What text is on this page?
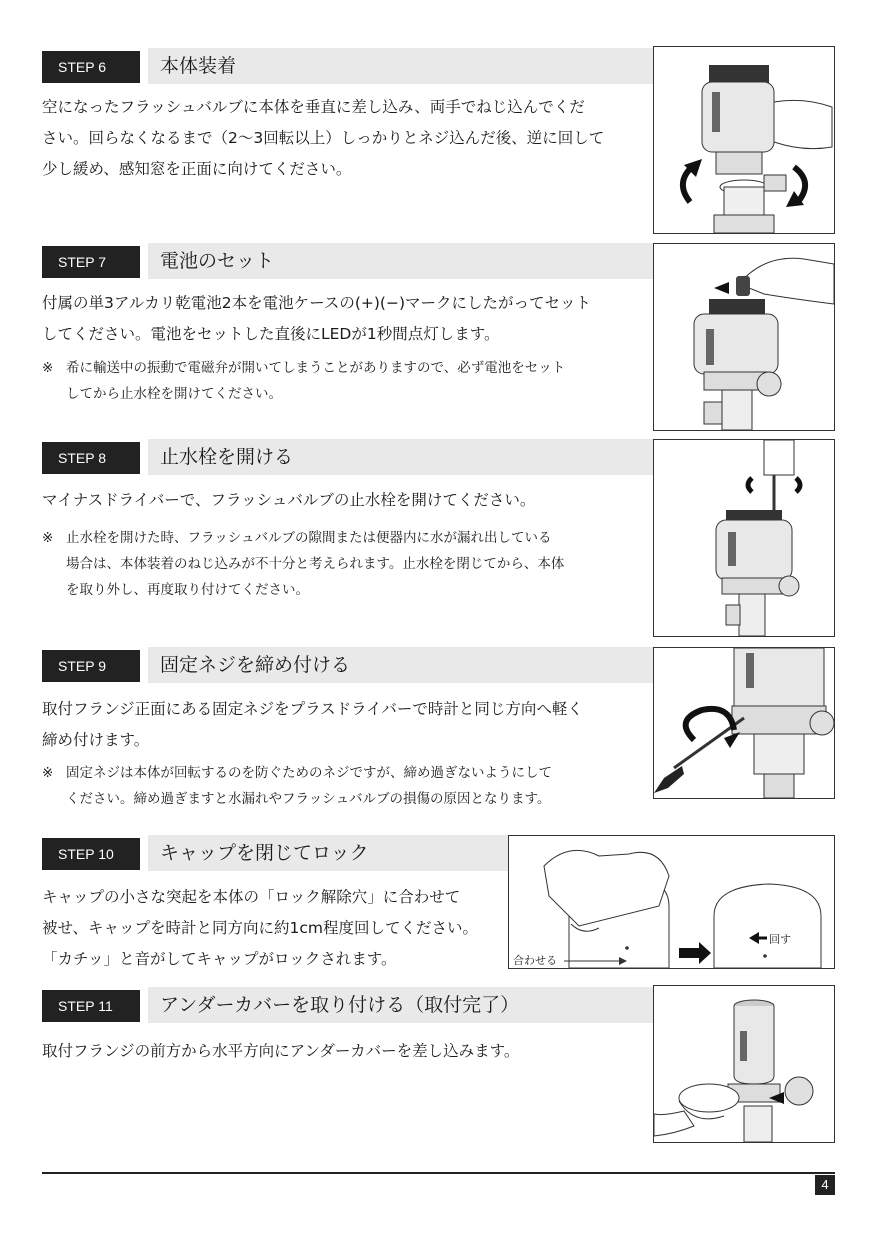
STEP 6	本体装着
空になったフラッシュバルブに本体を垂直に差し込み、両手でねじ込んでくだ
さい。回らなくなるまで（2〜3回転以上）しっかりとネジ込んだ後、逆に回して
少し緩め、感知窓を正面に向けてください。
STEP 7	電池のセット
付属の単3アルカリ乾電池2本を電池ケースの(+)(−)マークにしたがってセット
してください。電池をセットした直後にLEDが1秒間点灯します。
※ 希に輸送中の振動で電磁弁が開いてしまうことがありますので、必ず電池をセット
してから止水栓を開けてください。
STEP 8	止水栓を開ける
マイナスドライバーで、フラッシュバルブの止水栓を開けてください。
※ 止水栓を開けた時、フラッシュバルブの隙間または便器内に水が漏れ出している
場合は、本体装着のねじ込みが不十分と考えられます。止水栓を閉じてから、本体
を取り外し、再度取り付けてください。
STEP 9	固定ネジを締め付ける
取付フランジ正面にある固定ネジをプラスドライバーで時計と同じ方向へ軽く
締め付けます。
※ 固定ネジは本体が回転するのを防ぐためのネジですが、締め過ぎないようにして
ください。締め過ぎますと水漏れやフラッシュバルブの損傷の原因となります。
STEP 10	キャップを閉じてロック
キャップの小さな突起を本体の「ロック解除穴」に合わせて
被せ、キャップを時計と同方向に約1cm程度回してください。
「カチッ」と音がしてキャップがロックされます。	合わせる
回す
STEP 11	アンダーカバーを取り付ける（取付完了）
取付フランジの前方から水平方向にアンダーカバーを差し込みます。
4
